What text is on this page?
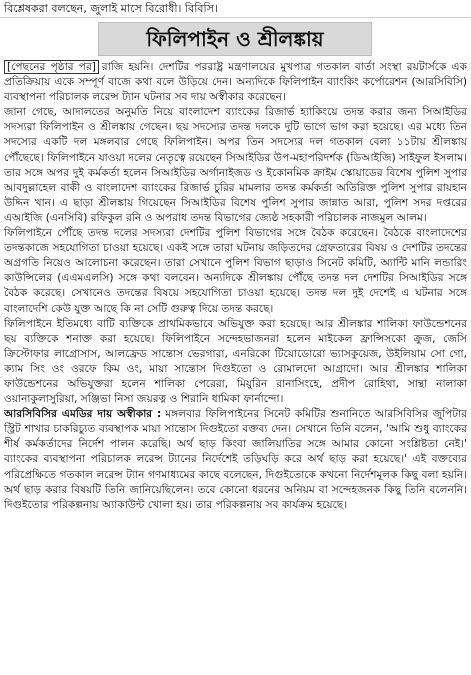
বিশ্লেষকরা বলছেন, জুলাই মাসে বিরোধী। বিবিসি।
ফিলিপাইন ও শ্রীলঙ্কায়

[পেছনের পৃষ্ঠার পর] রাজি হয়নি। দেশটির পররাষ্ট্র মন্ত্রণালয়ের মুখপাত্র গতকাল বার্তা সংস্থা রয়টার্সকে এক প্রতিক্রিয়ায় একে সম্পূর্ণ বাজে কথা বলে উড়িয়ে দেন। অন্যদিকে ফিলিপাইন ব্যাংকিং কর্পোরেশন (আরসিবিসি) ব্যবস্থাপনা পরিচালক লরেন্স ট্যান ঘটনার সব দায় অস্বীকার করেছেন।

জানা গেছে, আদালতের অনুমতি নিয়ে বাংলাদেশ ব্যাংকের রিজার্ভ হ্যাকিংয়ে তদন্ত করার জন্য সিআইডির সদস্যরা ফিলিপাইন ও শ্রীলঙ্কায় গেছেন। ছয় সদস্যের তদন্ত দলকে দুটি ভাগে ভাগ করা হয়েছে। এর মধ্যে তিন সদস্যের একটি দল মঙ্গলবার গেছে ফিলিপাইন। অপর তিন সদস্যের দল গতকাল বেলা ১১টায় শ্রীলঙ্কায় পৌঁছেছে। ফিলিপাইনে যাওয়া দলের নেতৃত্বে রয়েছেন সিআইডির উপ-মহাপরিদর্শক (ডিআইজি) সাইফুল ইসলাম। তার সঙ্গে অপর দুই কর্মকর্তা হলেন সিআইডির অর্গানাইজড ও ইকোনমিক ক্রাইম স্কোয়াডের বিশেষ পুলিশ সুপার আবদুল্লাহেল বাকী ও বাংলাদেশ ব্যাংকের রিজার্ভ চুরির মামলার তদন্ত কর্মকর্তা অতিরিক্ত পুলিশ সুপার রায়হান উদ্দিন খান। এ ছাড়া শ্রীলঙ্কায় গিয়েছেন সিআইডির বিশেষ পুলিশ সুপার জান্নাত আরা, পুলিশ সদর দপ্তরের এআইজি (এনসিবি) রফিকুল রনি ও অপরাধ তদন্ত বিভাগের জ্যেষ্ঠ সহকারী পরিচালক নাজমুল আলম।

ফিলিপাইনে পৌঁছে তদন্ত দলের সদস্যরা দেশটির পুলিশ বিভাগের সঙ্গে বৈঠক করেছেন। বৈঠকে বাংলাদেশের তদন্তকাজে সহযোগিতা চাওয়া হয়েছে। একই সঙ্গে তারা ঘটনায় জড়িতদের গ্রেফতারের বিষয় ও দেশটির তদন্তের অগ্রগতি নিয়েও আলোচনা করেছেন। তারা সেখানে পুলিশ বিভাগ ছাড়াও সিনেট কমিটি, অ্যান্টি মানি লন্ডারিং কাউন্সিলের (এএমএলসি) সঙ্গে কথা বলবেন। অন্যদিকে শ্রীলঙ্কায় পৌঁছে তদন্ত দল দেশটির সিআইডির সঙ্গে বৈঠক করেছে। সেখানেও তদন্তের বিষয়ে সহযোগিতা চাওয়া হয়েছে। তদন্ত দল দুই দেশেই এ ঘটনার সঙ্গে বাংলাদেশি কেউ যুক্ত আছে কি না সেটি গুরুত্ব দিয়ে তদন্ত করছে।

ফিলিপাইনে ইতিমধ্যে বাটি ব্যক্তিকে প্রাথমিকভাবে অভিযুক্ত করা হয়েছে। আর শ্রীলঙ্কার শালিকা ফাউন্ডেশনের ছয় ব্যক্তিকে শনাক্ত করা হয়েছে। ফিলিপাইনে সন্দেহভাজনরা হলেন মাইকেল ফ্রান্সিসকো ক্রুজ, জেসি ক্রিস্টোফার লাগ্রোসাস, আলফ্রেড সান্তোস ভেরগারা, এনরিকো টিয়োডোরো ভ্যাসকুয়েজ, উইলিয়াম সো গো, ক্যাম সিং ওং ওরফে কিম ওং, মায়া সান্তোস দিগুইতো ও রোমালদো আগ্রাদো। আর শ্রীলঙ্কার শালিকা ফাউন্ডেশনের অভিযুক্তরা হলেন শালিকা পেরেরা, মিয়ুরিন রানাসিংহে, প্রদীপ রোহিথা, সান্থা নালাকা ওয়ানাকুলাসুরিয়া, সঞ্জিভা নিসা জয়রত্ন ও শিরানি ধামিকা ফার্নান্দো।

আরসিবিসির এমডির দায় অস্বীকার : মঙ্গলবার ফিলিপাইনের সিনেট কমিটির শুনানিতে আরসিবিসির জুপিটার স্ট্রিট শাখার চাকরিচ্যুত ব্যবস্থাপক মায়া সান্তোস দিগুইতো বক্তব্য দেন। সেখানে তিনি বলেন, 'আমি শুধু ব্যাংকের শীর্ষ কর্মকর্তাদের নির্দেশ পালন করেছি। অর্থ ছাড় কিংবা জালিয়াতির সঙ্গে আমার কোনো সংশ্লিষ্টতা নেই।' ব্যাংকের ব্যবস্থাপনা পরিচালক লরেন্স ট্যানের নির্দেশেই তড়িঘড়ি করে অর্থ ছাড় করা হয়েছে।' এই বক্তব্যের পরিপ্রেক্ষিতে গতকাল লরেন্স ট্যান গণমাধ্যমের কাছে বলেছেন, দিগুইতোকে কখনো নির্দেশমূলক কিছু বলা হয়নি। অর্থ ছাড় করার বিষয়টি তিনি জানিয়েছিলেন। তবে কোনো ধরনের অনিয়ম বা সন্দেহজনক কিছু তিনি বলেননি। দিগুইতোর পরিকল্পনায় অ্যাকাউন্ট খোলা হয়। তার পরিকল্পনায় সব কার্যক্রম হয়েছে।
